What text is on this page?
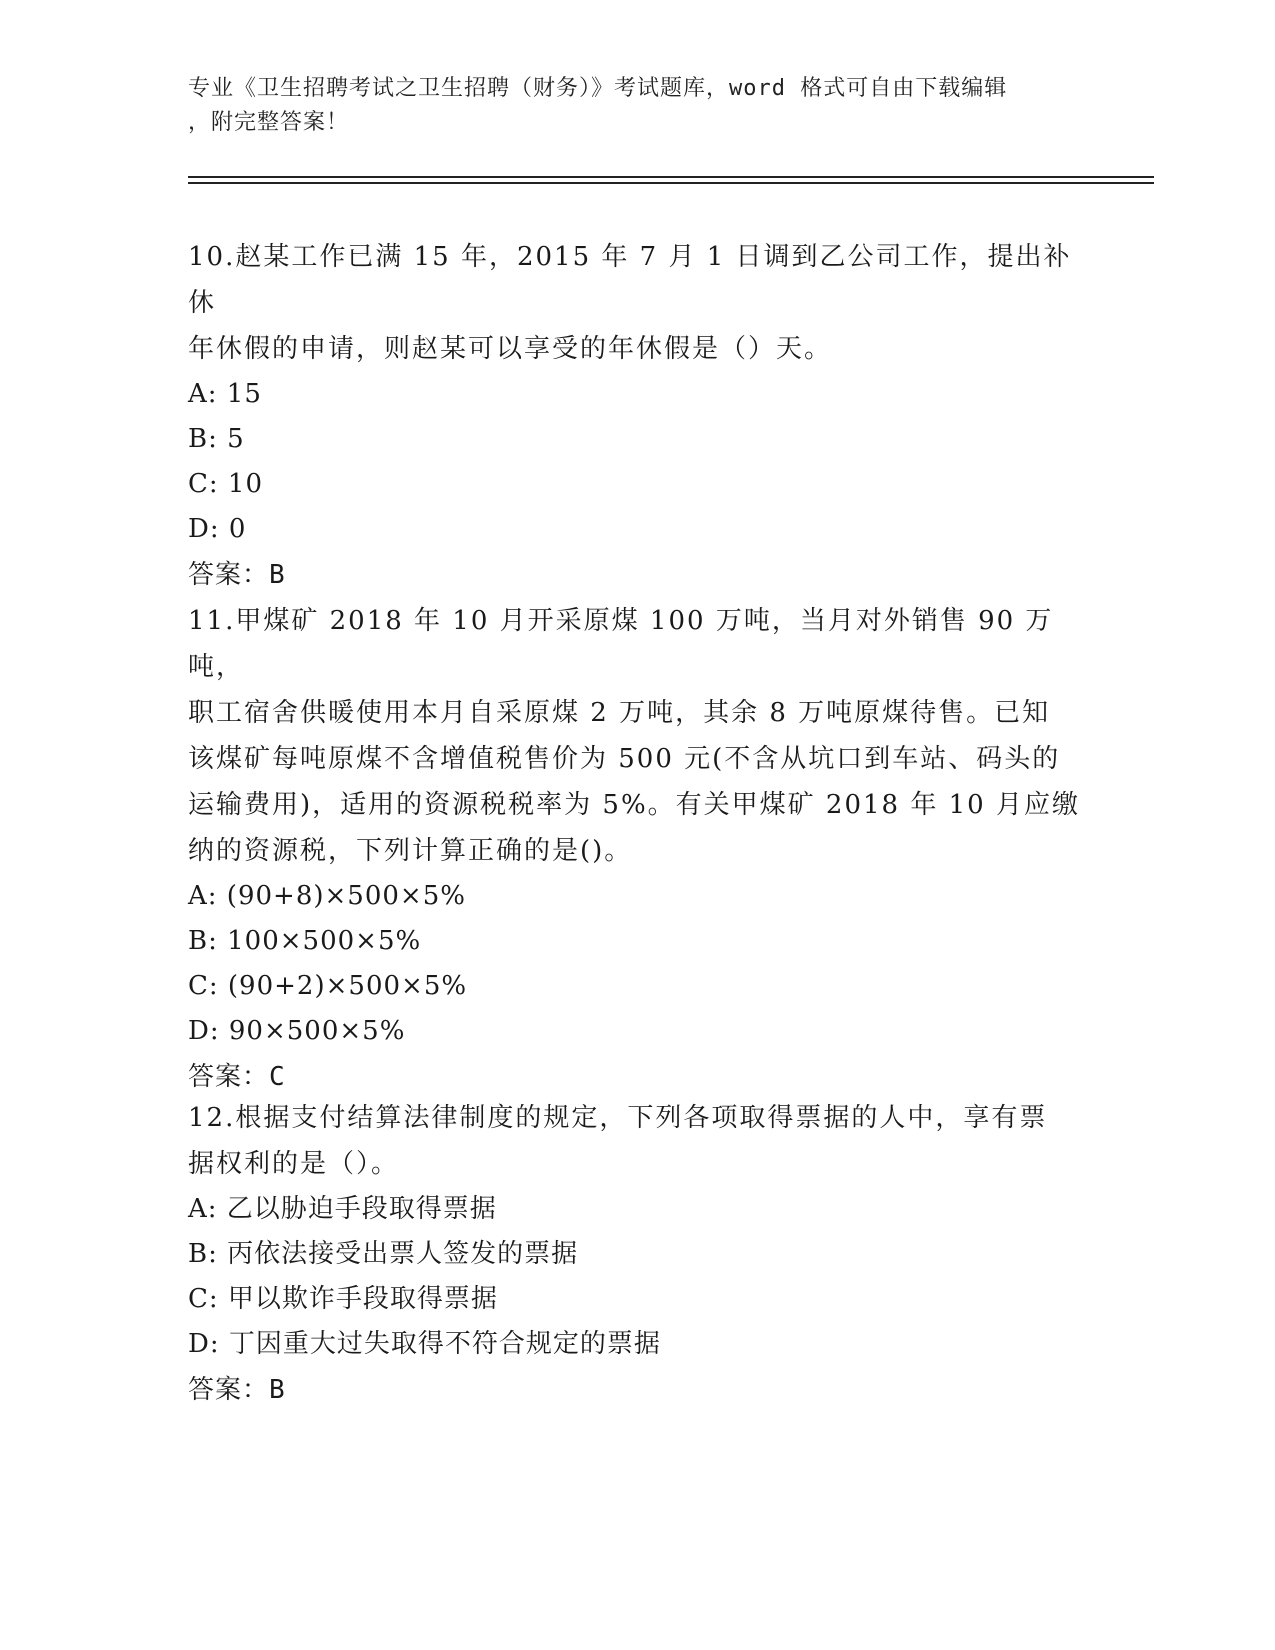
专业《卫生招聘考试之卫生招聘（财务）》考试题库，word 格式可自由下载编辑
，附完整答案！

10.赵某工作已满 15 年，2015 年 7 月 1 日调到乙公司工作，提出补休

年休假的申请，则赵某可以享受的年休假是（）天。

A: 15

B: 5

C: 10

D: 0

答案：B

11.甲煤矿 2018 年 10 月开采原煤 100 万吨，当月对外销售 90 万吨，

职工宿舍供暖使用本月自采原煤 2 万吨，其余 8 万吨原煤待售。已知

该煤矿每吨原煤不含增值税售价为 500 元(不含从坑口到车站、码头的

运输费用)，适用的资源税税率为 5%。有关甲煤矿 2018 年 10 月应缴

纳的资源税，下列计算正确的是()。

A: (90+8)×500×5%

B: 100×500×5%

C: (90+2)×500×5%

D: 90×500×5%

答案：C

12.根据支付结算法律制度的规定，下列各项取得票据的人中，享有票

据权利的是（）。

A: 乙以胁迫手段取得票据

B: 丙依法接受出票人签发的票据

C: 甲以欺诈手段取得票据

D: 丁因重大过失取得不符合规定的票据

答案：B
